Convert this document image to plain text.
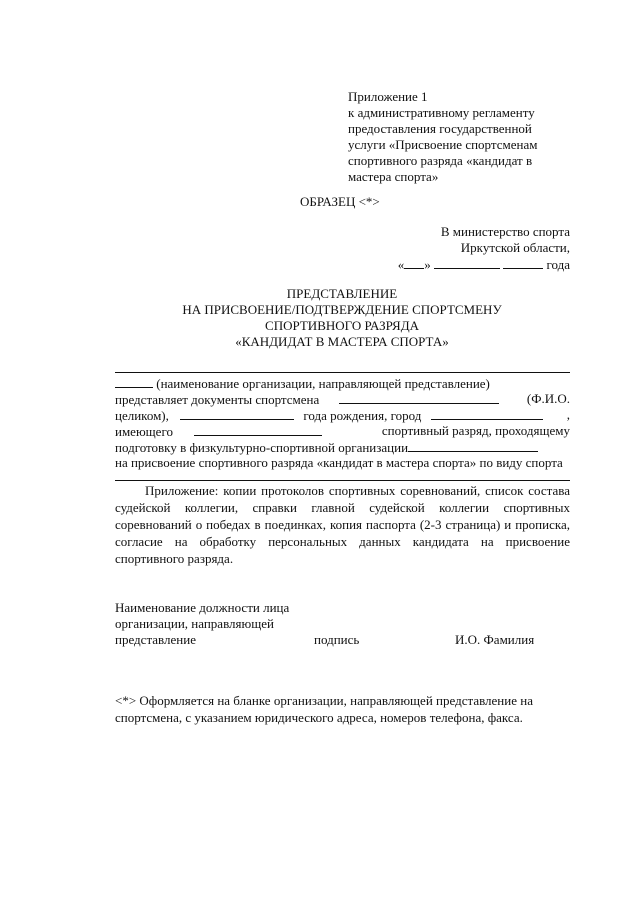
Приложение 1
к административному регламенту
предоставления государственной
услуги «Присвоение спортсменам
спортивного разряда «кандидат в
мастера спорта»
ОБРАЗЕЦ <*>
В министерство спорта
Иркутской области,
« »	года
ПРЕДСТАВЛЕНИЕ
НА ПРИСВОЕНИЕ/ПОДТВЕРЖДЕНИЕ СПОРТСМЕНУ
СПОРТИВНОГО РАЗРЯДА
«КАНДИДАТ В МАСТЕРА СПОРТА»
(наименование организации, направляющей представление)
представляет документы спортсмена	(Ф.И.О.
целиком),	года рождения, город	,
имеющего	спортивный разряд, проходящему
подготовку в физкультурно-спортивной организации
на присвоение спортивного разряда «кандидат в мастера спорта» по виду спорта
Приложение: копии протоколов спортивных соревнований, список состава судейской коллегии, справки главной судейской коллегии спортивных соревнований о победах в поединках, копия паспорта (2-3 страница) и прописка, согласие на обработку персональных данных кандидата на присвоение спортивного разряда.
Наименование должности лица
организации, направляющей
представление	подпись	И.О. Фамилия
<*> Оформляется на бланке организации, направляющей представление на спортсмена, с указанием юридического адреса, номеров телефона, факса.
